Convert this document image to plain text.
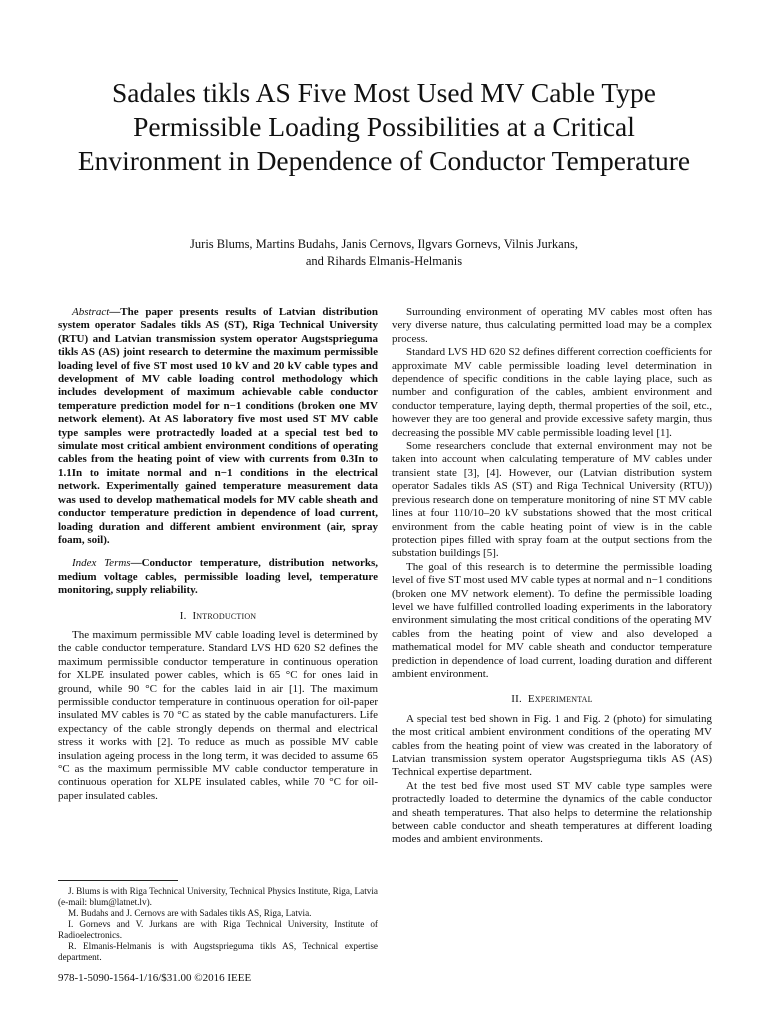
Sadales tikls AS Five Most Used MV Cable Type Permissible Loading Possibilities at a Critical Environment in Dependence of Conductor Temperature
Juris Blums, Martins Budahs, Janis Cernovs, Ilgvars Gornevs, Vilnis Jurkans,
and Rihards Elmanis-Helmanis

Abstract—The paper presents results of Latvian distribution system operator Sadales tikls AS (ST), Riga Technical University (RTU) and Latvian transmission system operator Augstsprieguma tikls AS (AS) joint research to determine the maximum permissible loading level of five ST most used 10 kV and 20 kV cable types and development of MV cable loading control methodology which includes development of maximum achievable cable conductor temperature prediction model for n−1 conditions (broken one MV network element). At AS laboratory five most used ST MV cable type samples were protractedly loaded at a special test bed to simulate most critical ambient environment conditions of operating cables from the heating point of view with currents from 0.3In to 1.1In to imitate normal and n−1 conditions in the electrical network. Experimentally gained temperature measurement data was used to develop mathematical models for MV cable sheath and conductor temperature prediction in dependence of load current, loading duration and different ambient environment (air, spray foam, soil).

Index Terms—Conductor temperature, distribution networks, medium voltage cables, permissible loading level, temperature monitoring, supply reliability.

I. Introduction

The maximum permissible MV cable loading level is determined by the cable conductor temperature. Standard LVS HD 620 S2 defines the maximum permissible conductor temperature in continuous operation for XLPE insulated power cables, which is 65 °C for ones laid in ground, while 90 °C for the cables laid in air [1]. The maximum permissible conductor temperature in continuous operation for oil-paper insulated MV cables is 70 °C as stated by the cable manufacturers. Life expectancy of the cable strongly depends on thermal and electrical stress it works with [2]. To reduce as much as possible MV cable insulation ageing process in the long term, it was decided to assume 65 °C as the maximum permissible MV cable conductor temperature in continuous operation for XLPE insulated cables, while 70 °C for oil-paper insulated cables.

Surrounding environment of operating MV cables most often has very diverse nature, thus calculating permitted load may be a complex process.

Standard LVS HD 620 S2 defines different correction coefficients for approximate MV cable permissible loading level determination in dependence of specific conditions in the cable laying place, such as number and configuration of the cables, ambient environment and conductor temperature, laying depth, thermal properties of the soil, etc., however they are too general and provide excessive safety margin, thus decreasing the possible MV cable permissible loading level [1].

Some researchers conclude that external environment may not be taken into account when calculating temperature of MV cables under transient state [3], [4]. However, our (Latvian distribution system operator Sadales tikls AS (ST) and Riga Technical University (RTU)) previous research done on temperature monitoring of nine ST MV cable lines at four 110/10–20 kV substations showed that the most critical environment from the cable heating point of view is in the cable protection pipes filled with spray foam at the output sections from the substation buildings [5].

The goal of this research is to determine the permissible loading level of five ST most used MV cable types at normal and n−1 conditions (broken one MV network element). To define the permissible loading level we have fulfilled controlled loading experiments in the laboratory environment simulating the most critical conditions of the operating MV cables from the heating point of view and also developed a mathematical model for MV cable sheath and conductor temperature prediction in dependence of load current, loading duration and different ambient environment.

II. Experimental

A special test bed shown in Fig. 1 and Fig. 2 (photo) for simulating the most critical ambient environment conditions of the operating MV cables from the heating point of view was created in the laboratory of Latvian transmission system operator Augstsprieguma tikls AS (AS) Technical expertise department.

At the test bed five most used ST MV cable type samples were protractedly loaded to determine the dynamics of the cable conductor and sheath temperatures. That also helps to determine the relationship between cable conductor and sheath temperatures at different loading modes and ambient environments.

J. Blums is with Riga Technical University, Technical Physics Institute, Riga, Latvia (e-mail: blum@latnet.lv).

M. Budahs and J. Cernovs are with Sadales tikls AS, Riga, Latvia.

I. Gornevs and V. Jurkans are with Riga Technical University, Institute of Radioelectronics.

R. Elmanis-Helmanis is with Augstsprieguma tikls AS, Technical expertise department.

978-1-5090-1564-1/16/$31.00 ©2016 IEEE
